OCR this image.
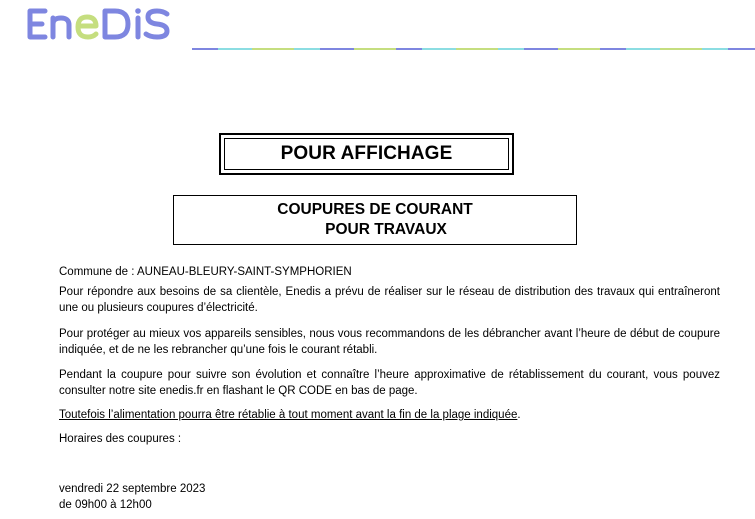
POUR AFFICHAGE
COUPURES DE COURANT
POUR TRAVAUX
Commune de : AUNEAU-BLEURY-SAINT-SYMPHORIEN
Pour répondre aux besoins de sa clientèle, Enedis a prévu de réaliser sur le réseau de distribution des travaux qui entraîneront une ou plusieurs coupures d’électricité.
Pour protéger au mieux vos appareils sensibles, nous vous recommandons de les débrancher avant l’heure de début de coupure indiquée, et de ne les rebrancher qu’une fois le courant rétabli.
Pendant la coupure pour suivre son évolution et connaître l’heure approximative de rétablissement du courant, vous pouvez consulter notre site enedis.fr en flashant le QR CODE en bas de page.
Toutefois l’alimentation pourra être rétablie à tout moment avant la fin de la plage indiquée.
Horaires des coupures :
vendredi 22 septembre 2023
de 09h00 à 12h00
